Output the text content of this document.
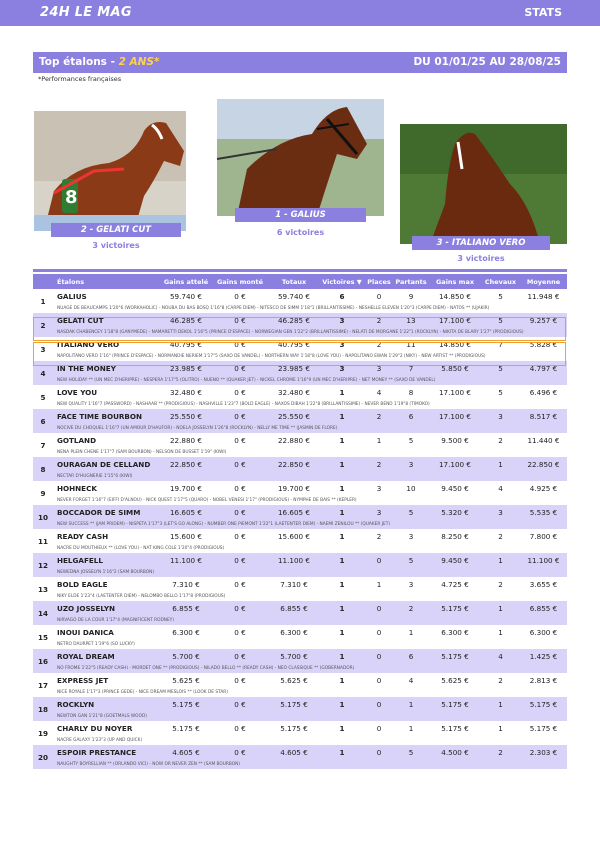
24H LE MAG	STATS
Top étalons - 2 ANS*	DU 01/01/25 AU 28/08/25
*Performances françaises
8
2 - GELATI CUT
3 victoires
1 - GALIUS
6 victoires
3 - ITALIANO VERO
3 victoires
	Étalons	Gains attelé	Gains monté	Totaux	Victoires ▼	Places	Partants	Gains max	Chevaux	Moyenne
1	GALIUS	59.740 €	0 €	59.740 €	6	0	9	14.850 €	5	11.948 €
	NUAGE DE BEAUCAMPS 1'20"6 (WORKAHOLIC) - NOUBA DU BAS BOSQ 1'16"8 (CARPE DIEM) - NITESCO DE SIMM 1'18"1 (BRILLANTISSIME) - NESHELLE ELEVEN 1'20"3 (CARPE DIEM) - NATOS ** (UJAKIR)									
2	GELATI CUT	46.285 €	0 €	46.285 €	3	2	13	17.100 €	5	9.257 €
	NASDAK CHABENCEY 1'18"8 (GANYMEDE) - NAMARETTI DEKOL 1'16"5 (PRINCE D'ESPACE) - NORWEGIAN GEN 1'22"2 (BRILLANTISSIME) - NELATI DE MORGANE 1'22"1 (ROCKLYN) - NIKITA DE BLARY 1'27" (PRODIGIOUS)									
3	ITALIANO VERO	40.795 €	0 €	40.795 €	3	2	11	14.850 €	7	5.828 €
	NAPOLITANO VERO 1'16" (PRINCE D'ESPACE) - NORMANDIE NERIEM 1'17"5 (SAXO DE VANDEL) - NORTHERN WAY 1'18"8 (LOVE YOU) - NAPOLITANO EWAN 1'29"2 (NIKY) - NEW ARTIST ** (PRODIGIOUS)									
4	IN THE MONEY	23.985 €	0 €	23.985 €	3	3	7	5.850 €	5	4.797 €
	NEW HOLIDAY ** (UN MEC D'HERIPRE) - NESPERA 1'17"5 (OLITRO) - NUENO ** (QUAKER JET) - NICKEL CHROME 1'16"9 (UN MEC D'HERIPRE) - NET MONEY ** (SAXO DE VANDEL)									
5	LOVE YOU	32.480 €	0 €	32.480 €	1	4	8	17.100 €	5	6.496 €
	NEW QUALITY 1'16"7 (PASSWORD) - NASHAAB ** (PRODIGIOUS) - NASHVILLE 1'23"7 (BOLD EAGLE) - NAXOS DIBAH 1'22"8 (BRILLANTISSIME) - NEVER BEND 1'19"8 (TIMOKO)									
6	FACE TIME BOURBON	25.550 €	0 €	25.550 €	1	2	6	17.100 €	3	8.517 €
	NOCIVE DU CHOQUEL 1'16"7 (UN AMOUR D'HAUFOR) - NOELA JOSSELYN 1'26"8 (ROCKLYN) - NELLY ME TIME ** (JASMIN DE FLORE)									
7	GOTLAND	22.880 €	0 €	22.880 €	1	1	5	9.500 €	2	11.440 €
	NENA PLEIN CHENE 1'17"7 (SAM BOURBON) - NELSON DE BUSSET 1'19" (KIWI)									
8	OURAGAN DE CELLAND	22.850 €	0 €	22.850 €	1	2	3	17.100 €	1	22.850 €
	NECTAR D'HUGNERIE 1'15"6 (KIWI)									
9	HOHNECK	19.700 €	0 €	19.700 €	1	3	10	9.450 €	4	4.925 €
	NEVER FORGET 1'16"7 (EIFFI D'ALNOU) - NICK QUEST 1'17"5 (QUARO) - NOBEL VENESI 1'17" (PRODIGIOUS) - NYMPHE DE BAIS ** (KEPLER)									
10	BOCCADOR DE SIMM	16.605 €	0 €	16.605 €	1	3	5	5.320 €	3	5.535 €
	NEW SUCCESS ** (JAM PRIDEM) - NISPETA 1'17"3 (LET'S GO ALONG) - NUMBER ONE PIEMONT 1'22"1 (LAETENTER DIEM) - NAEMI ZENILOU ** (QUAKER JET)									
11	READY CASH	15.600 €	0 €	15.600 €	1	2	3	8.250 €	2	7.800 €
	NACRE DU MOUTHIEUX ** (LOVE YOU) - NAT KING COLE 1'20"4 (PRODIGIOUS)									
12	HELGAFELL	11.100 €	0 €	11.100 €	1	0	5	9.450 €	1	11.100 €
	NEWEDNA JOSSELYN 1'16"2 (SAM BOURBON)									
13	BOLD EAGLE	7.310 €	0 €	7.310 €	1	1	3	4.725 €	2	3.655 €
	NIKY ELDE 1'23"4 (LAETENTER DIEM) - NELOMBO BELLO 1'17"8 (PRODIGIOUS)									
14	UZO JOSSELYN	6.855 €	0 €	6.855 €	1	0	2	5.175 €	1	6.855 €
	NIRVAGO DE LA COUR 1'17"4 (MAGNIFICENT RODNEY)									
15	INOUI DANICA	6.300 €	0 €	6.300 €	1	0	1	6.300 €	1	6.300 €
	NETRO DAURPET 1'19"6 (SO LUCKY)									
16	ROYAL DREAM	5.700 €	0 €	5.700 €	1	0	6	5.175 €	4	1.425 €
	NO FROME 1'22"5 (READY CASH) - MORDET ONE ** (PRODIGIOUS) - NILADO BELLO ** (READY CASH) - NEO CLASSIQUE ** (GOBERNADOR)									
17	EXPRESS JET	5.625 €	0 €	5.625 €	1	0	4	5.625 €	2	2.813 €
	NICE ROYALE 1'17"3 (PRINCE GEDE) - NICE DREAM MESLOIS ** (LOOK DE STAR)									
18	ROCKLYN	5.175 €	0 €	5.175 €	1	0	1	5.175 €	1	5.175 €
	NEWTON GAN 1'21"8 (GOETMALS WOOD)									
19	CHARLY DU NOYER	5.175 €	0 €	5.175 €	1	0	1	5.175 €	1	5.175 €
	NACRE GALAXY 1'23"3 (UP AND QUICK)									
20	ESPOIR PRESTANCE	4.605 €	0 €	4.605 €	1	0	5	4.500 €	2	2.303 €
	NAUGHTY BOYRELLIAN ** (ORLANDO VICI) - NOW OR NEVER ZEN ** (SAM BOURBON)									
